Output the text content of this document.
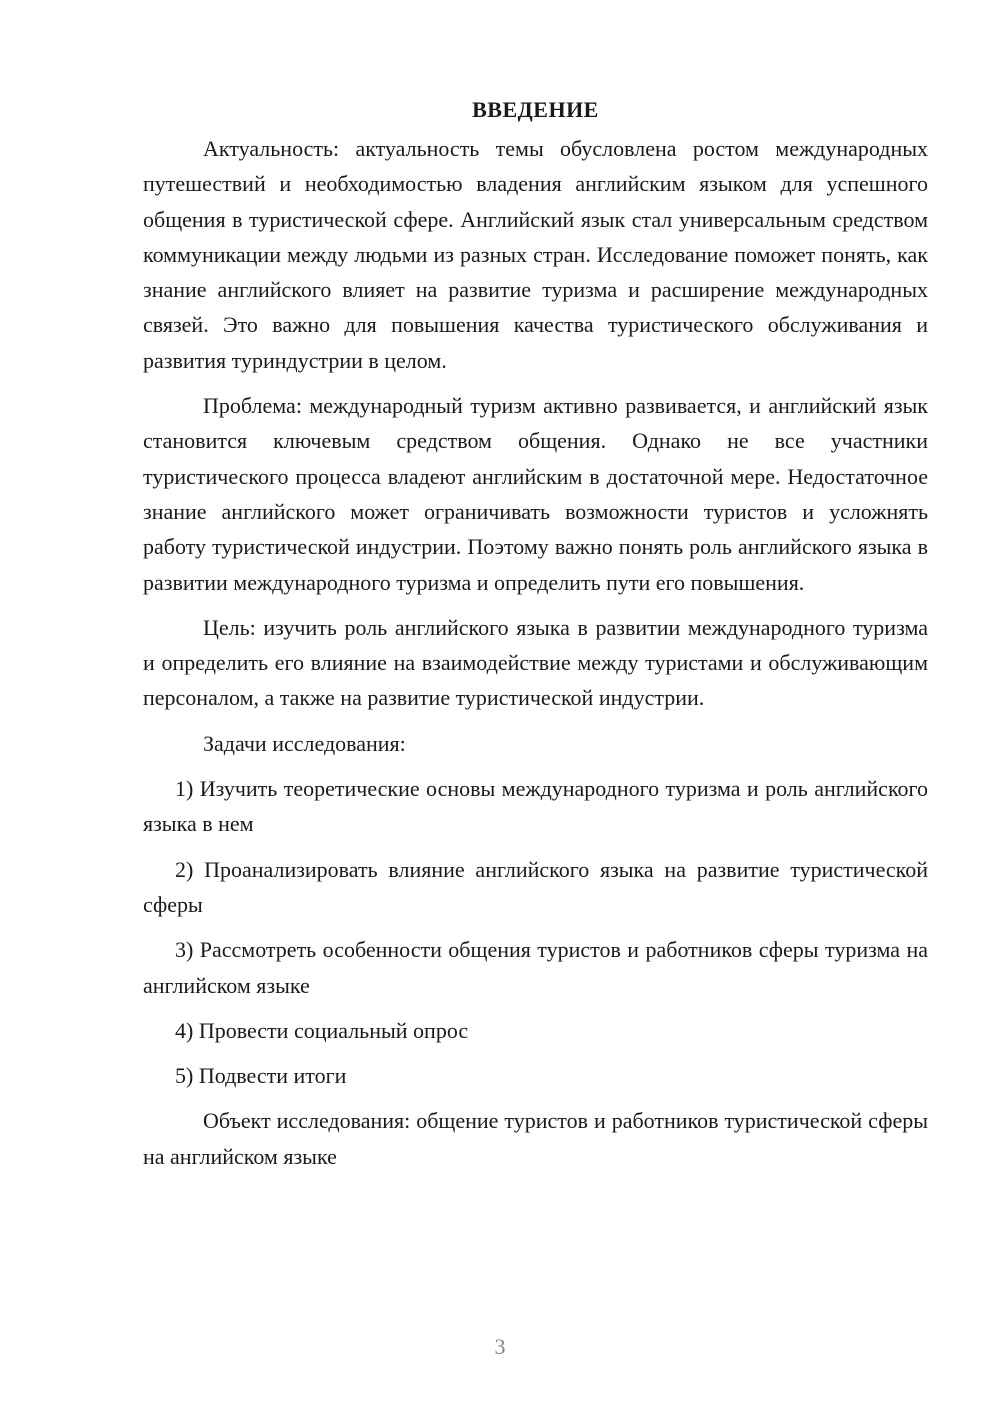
ВВЕДЕНИЕ

Актуальность: актуальность темы обусловлена ростом международных путешествий и необходимостью владения английским языком для успешного общения в туристической сфере. Английский язык стал универсальным средством коммуникации между людьми из разных стран. Исследование поможет понять, как знание английского влияет на развитие туризма и расширение международных связей. Это важно для повышения качества туристического обслуживания и развития туриндустрии в целом.

Проблема: международный туризм активно развивается, и английский язык становится ключевым средством общения. Однако не все участники туристического процесса владеют английским в достаточной мере. Недостаточное знание английского может ограничивать возможности туристов и усложнять работу туристической индустрии. Поэтому важно понять роль английского языка в развитии международного туризма и определить пути его повышения.

Цель: изучить роль английского языка в развитии международного туризма и определить его влияние на взаимодействие между туристами и обслуживающим персоналом, а также на развитие туристической индустрии.

Задачи исследования:

1) Изучить теоретические основы международного туризма и роль английского языка в нем

2) Проанализировать влияние английского языка на развитие туристической сферы

3) Рассмотреть особенности общения туристов и работников сферы туризма на английском языке

4) Провести социальный опрос

5) Подвести итоги

Объект исследования: общение туристов и работников туристической сферы на английском языке

3
